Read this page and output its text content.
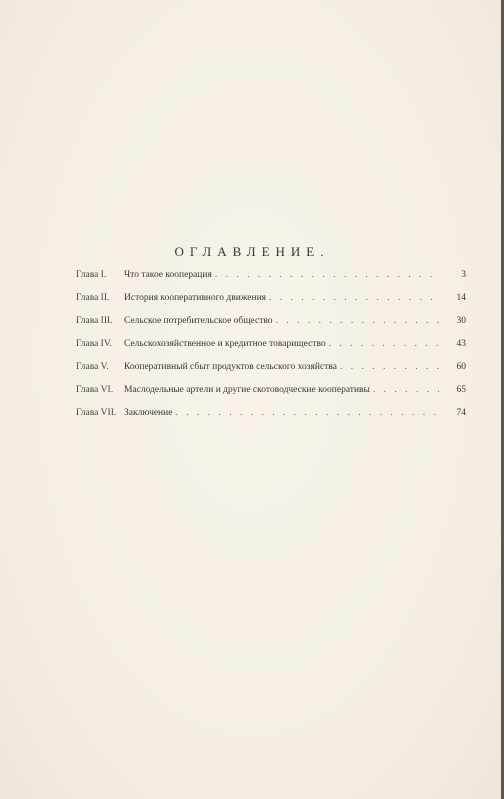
ОГЛАВЛЕНИЕ.
Глава I.	Что такое кооперация . . .	3
Глава II.	История кооперативного движения . . .	14
Глава III.	Сельское потребительское общество . . .	30
Глава IV.	Сельскохозяйственное и кредитное товарищество . . .	43
Глава V.	Кооперативный сбыт продуктов сельского хозяйства . . .	60
Глава VI.	Маслодельные артели и другие скотоводческие кооперативы . . .	65
Глава VII. Заключение . . .	74
